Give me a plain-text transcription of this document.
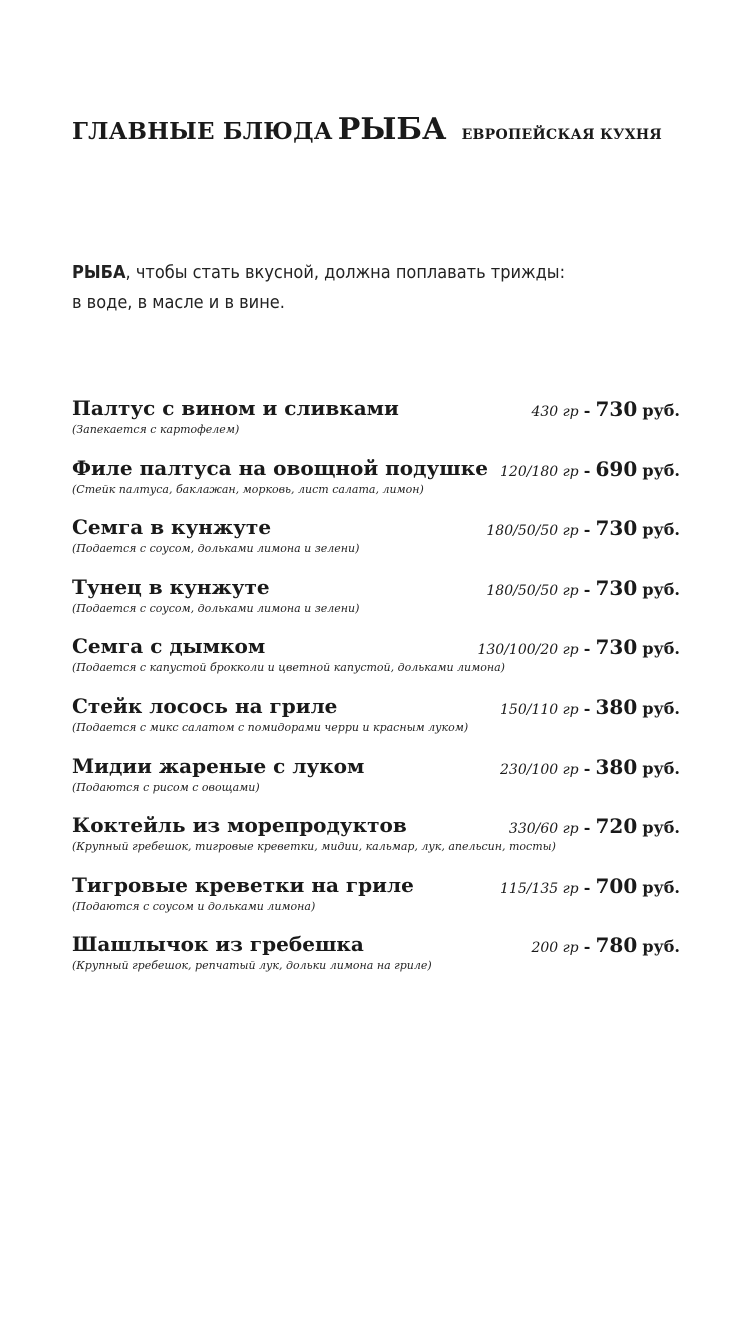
ГЛАВНЫЕ БЛЮДА РЫБА ЕВРОПЕЙСКАЯ КУХНЯ
РЫБА, чтобы стать вкусной, должна поплавать трижды:
в воде, в масле и в вине.
Палтус с вином и сливками	430 гр - 730 руб.
(Запекается с картофелем)
Филе палтуса на овощной подушке 120/180 гр - 690 руб.
(Стейк палтуса, баклажан, морковь, лист салата, лимон)
Семга в кунжуте	180/50/50 гр - 730 руб.
(Подается с соусом, дольками лимона и зелени)
Тунец в кунжуте	180/50/50 гр - 730 руб.
(Подается с соусом, дольками лимона и зелени)
Семга с дымком	130/100/20 гр - 730 руб.
(Подается с капустой брокколи и цветной капустой, дольками лимона)
Стейк лосось на гриле	150/110 гр - 380 руб.
(Подается с микс салатом с помидорами черри и красным луком)
Мидии жареные с луком	230/100 гр - 380 руб.
(Подаются с рисом с овощами)
Коктейль из морепродуктов	330/60 гр - 720 руб.
(Крупный гребешок, тигровые креветки, мидии, кальмар, лук, апельсин, тосты)
Тигровые креветки на гриле	115/135 гр - 700 руб.
(Подаются с соусом и дольками лимона)
Шашлычок из гребешка	200 гр - 780 руб.
(Крупный гребешок, репчатый лук, дольки лимона на гриле)
